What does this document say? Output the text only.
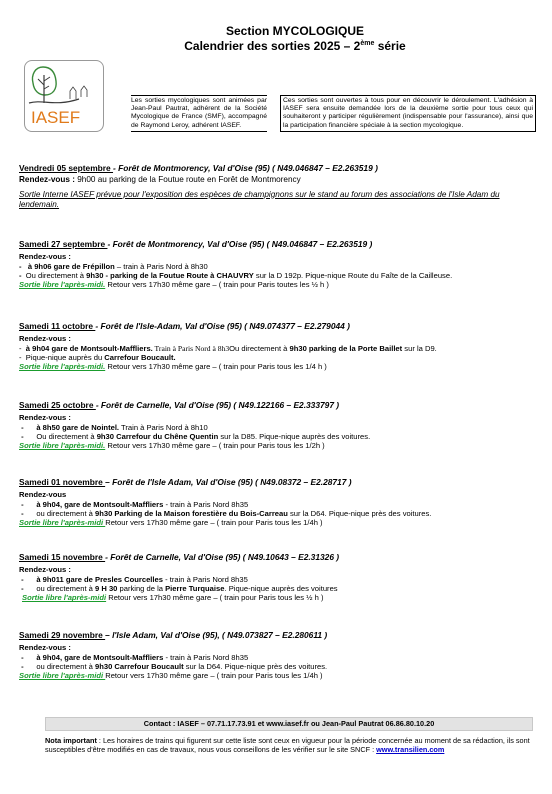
Section MYCOLOGIQUE
Calendrier des sorties 2025 – 2ème série
IASEF
Les sorties mycologiques sont animées par Jean-Paul Pautrat, adhérent de la Société Mycologique de France (SMF), accompagné de Raymond Leroy, adhérent IASEF.
Ces sorties sont ouvertes à tous pour en découvrir le déroulement. L'adhésion à IASEF sera ensuite demandée lors de la deuxième sortie pour tous ceux qui souhaiteront y participer régulièrement (indispensable pour l'assurance), ainsi que la participation financière spéciale à la section mycologique.
Vendredi 05 septembre - Forêt de Montmorency, Val d'Oise (95) ( N49.046847 – E2.263519 )
Rendez-vous : 9h00 au parking de la Foutue route en Forêt de Montmorency
Sortie Interne IASEF prévue pour l'exposition des espèces de champignons sur le stand au forum des associations de l'Isle Adam du lendemain.
Samedi 27 septembre - Forêt de Montmorency, Val d'Oise (95) ( N49.046847 – E2.263519 )
Rendez-vous :
- à 9h06 gare de Frépillon – train à Paris Nord à 8h30
- Ou directement à 9h30 - parking de la Foutue Route à CHAUVRY sur la D 192p. Pique-nique Route du Faîte de la Cailleuse.
Sortie libre l'après-midi. Retour vers 17h30 même gare – ( train pour Paris toutes les ½ h )
Samedi 11 octobre - Forêt de l'Isle-Adam, Val d'Oise (95) ( N49.074377 – E2.279044 )
Rendez-vous :
- à 9h04 gare de Montsoult-Maffliers. Train à Paris Nord à 8h3Ou directement à 9h30 parking de la Porte Baillet sur la D9.
- Pique-nique auprès du Carrefour Boucault.
Sortie libre l'après-midi. Retour vers 17h30 même gare – ( train pour Paris tous les 1/4 h )
Samedi 25 octobre - Forêt de Carnelle, Val d'Oise (95) ( N49.122166 – E2.333797 )
Rendez-vous :
- à 8h50 gare de Nointel. Train à Paris Nord à 8h10
- Ou directement à 9h30 Carrefour du Chêne Quentin sur la D85. Pique-nique auprès des voitures.
Sortie libre l'après-midi. Retour vers 17h30 même gare – ( train pour Paris tous les 1/2h )
Samedi 01 novembre – Forêt de l'Isle Adam, Val d'Oise (95) ( N49.08372 – E2.28717 )
Rendez-vous
- à 9h04, gare de Montsoult-Maffliers - train à Paris Nord 8h35
- ou directement à 9h30 Parking de la Maison forestière du Bois-Carreau sur la D64. Pique-nique près des voitures.
Sortie libre l'après-midi Retour vers 17h30 même gare – ( train pour Paris tous les 1/4h )
Samedi 15 novembre - Forêt de Carnelle, Val d'Oise (95) ( N49.10643 – E2.31326 )
Rendez-vous :
- à 9h011 gare de Presles Courcelles - train à Paris Nord 8h35
- ou directement à 9 H 30 parking de la Pierre Turquaise. Pique-nique auprès des voitures
Sortie libre l'après-midi Retour vers 17h30 même gare – ( train pour Paris tous les ½ h )
Samedi 29 novembre – l'Isle Adam, Val d'Oise (95), ( N49.073827 – E2.280611 )
Rendez-vous :
- à 9h04, gare de Montsoult-Maffliers - train à Paris Nord 8h35
- ou directement à 9h30 Carrefour Boucault sur la D64. Pique-nique près des voitures.
Sortie libre l'après-midi Retour vers 17h30 même gare – ( train pour Paris tous les 1/4h )
Contact : IASEF – 07.71.17.73.91 et www.iasef.fr ou Jean-Paul Pautrat 06.86.80.10.20
Nota important : Les horaires de trains qui figurent sur cette liste sont ceux en vigueur pour la période concernée au moment de sa rédaction, ils sont susceptibles d'être modifiés en cas de travaux, nous vous conseillons de les vérifier sur le site SNCF : www.transilien.com
